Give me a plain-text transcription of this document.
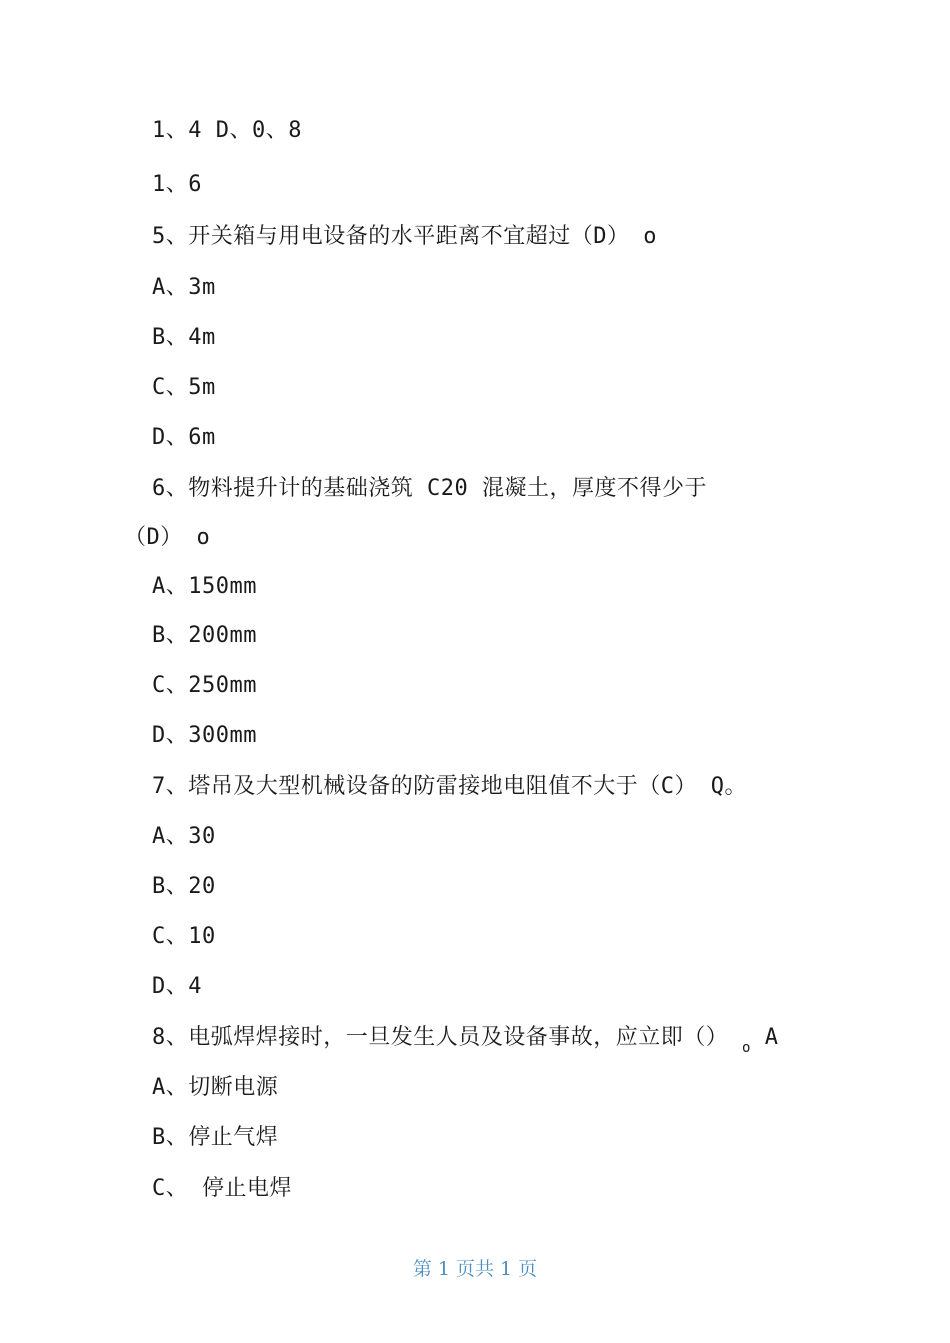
1、4 D、0、8
1、6
5、开关箱与用电设备的水平距离不宜超过（D） o
A、3m
B、4m
C、5m
D、6m
6、物料提升计的基础浇筑 C20 混凝土，厚度不得少于
（D） o
A、150mm
B、200mm
C、250mm
D、300mm
7、塔吊及大型机械设备的防雷接地电阻值不大于（C） Q。
A、30
B、20
C、10
D、4
8、电弧焊焊接时，一旦发生人员及设备事故，应立即（） $_o$ A
A、切断电源
B、停止气焊
C、 停止电焊
第 1 页共 1 页
